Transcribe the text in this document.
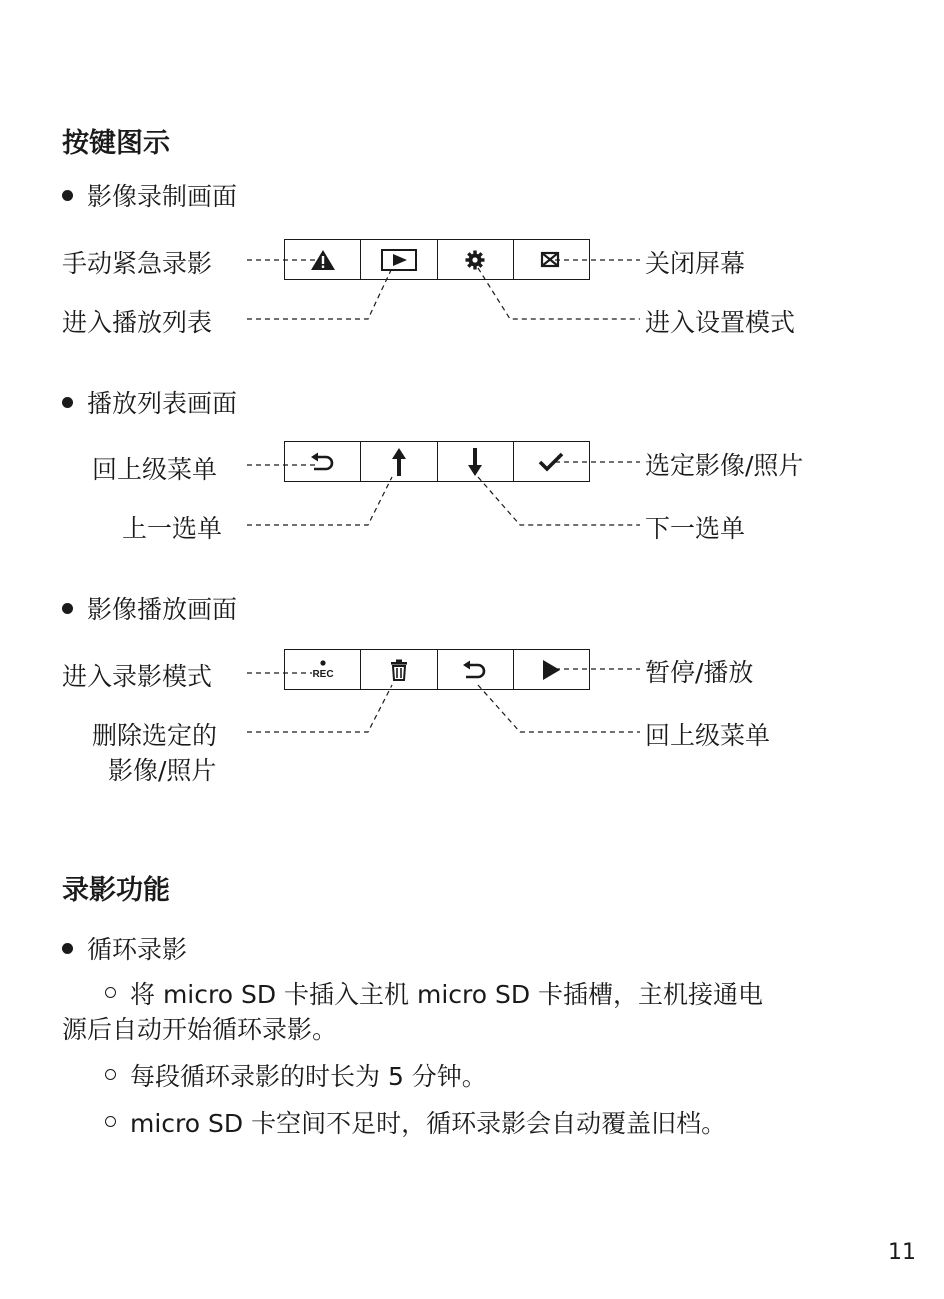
按键图示
影像录制画面
手动紧急录影
进入播放列表
关闭屏幕
进入设置模式
播放列表画面
回上级菜单
上一选单
选定影像/照片
下一选单
影像播放画面
进入录影模式
删除选定的
影像/照片
暂停/播放
回上级菜单
REC
录影功能
循环录影
将 micro SD 卡插入主机 micro SD 卡插槽，主机接通电
源后自动开始循环录影。
每段循环录影的时长为 5 分钟。
micro SD 卡空间不足时，循环录影会自动覆盖旧档。
11
